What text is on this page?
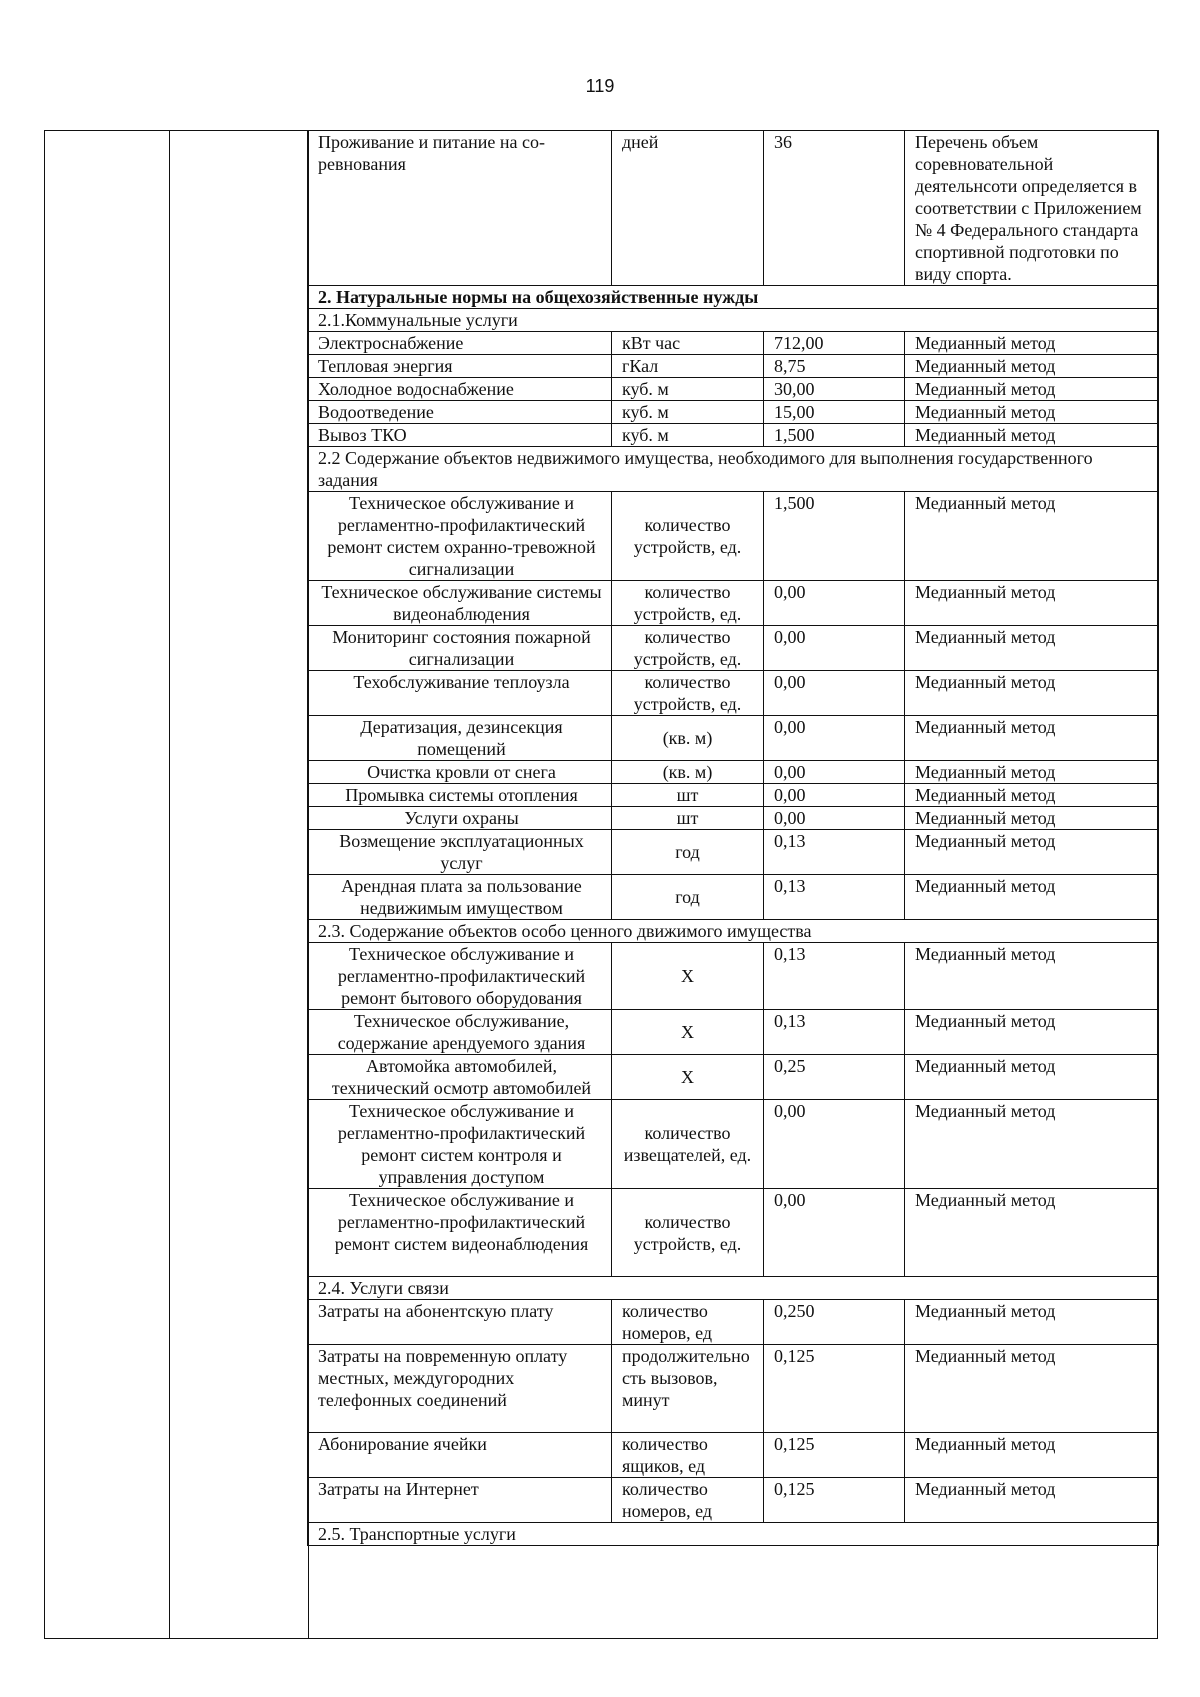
119
Проживание и питание на со-ревнования	дней	36	Перечень объем соревновательной деятельнсоти определяется в соответствии с Приложением № 4 Федерального стандарта спортивной подготовки по виду спорта.
2. Натуральные нормы на общехозяйственные нужды			
2.1.Коммунальные услуги			
Электроснабжение	кВт час	712,00	Медианный метод
Тепловая энергия	гКал	8,75	Медианный метод
Холодное водоснабжение	куб. м	30,00	Медианный метод
Водоотведение	куб. м	15,00	Медианный метод
Вывоз ТКО	куб. м	1,500	Медианный метод
2.2 Содержание объектов недвижимого имущества, необходимого для выполнения государственного задания			
Техническое обслуживание и регламентно-профилактический ремонт систем охранно-тревожной сигнализации	количество устройств, ед.	1,500	Медианный метод
Техническое обслуживание системы видеонаблюдения	количество устройств, ед.	0,00	Медианный метод
Мониторинг состояния пожарной сигнализации	количество устройств, ед.	0,00	Медианный метод
Техобслуживание теплоузла	количество устройств, ед.	0,00	Медианный метод
Дератизация, дезинсекция помещений	(кв. м)	0,00	Медианный метод
Очистка кровли от снега	(кв. м)	0,00	Медианный метод
Промывка системы отопления	шт	0,00	Медианный метод
Услуги охраны	шт	0,00	Медианный метод
Возмещение эксплуатационных услуг	год	0,13	Медианный метод
Арендная плата за пользование недвижимым имуществом	год	0,13	Медианный метод
2.3. Содержание объектов особо ценного движимого имущества			
Техническое обслуживание и регламентно-профилактический ремонт бытового оборудования	Х	0,13	Медианный метод
Техническое обслуживание, содержание арендуемого здания	Х	0,13	Медианный метод
Автомойка автомобилей, технический осмотр автомобилей	Х	0,25	Медианный метод
Техническое обслуживание и регламентно-профилактический ремонт систем контроля и управления доступом	количество извещателей, ед.	0,00	Медианный метод
Техническое обслуживание и регламентно-профилактический ремонт систем видеонаблюдения	количество устройств, ед.	0,00	Медианный метод
2.4. Услуги связи			
Затраты на абонентскую плату	количество номеров, ед	0,250	Медианный метод
Затраты на повременную оплату местных, междугородних телефонных соединений	продолжительность вызовов, минут	0,125	Медианный метод
Абонирование ячейки	количество ящиков, ед	0,125	Медианный метод
Затраты на Интернет	количество номеров, ед	0,125	Медианный метод
2.5. Транспортные услуги			
